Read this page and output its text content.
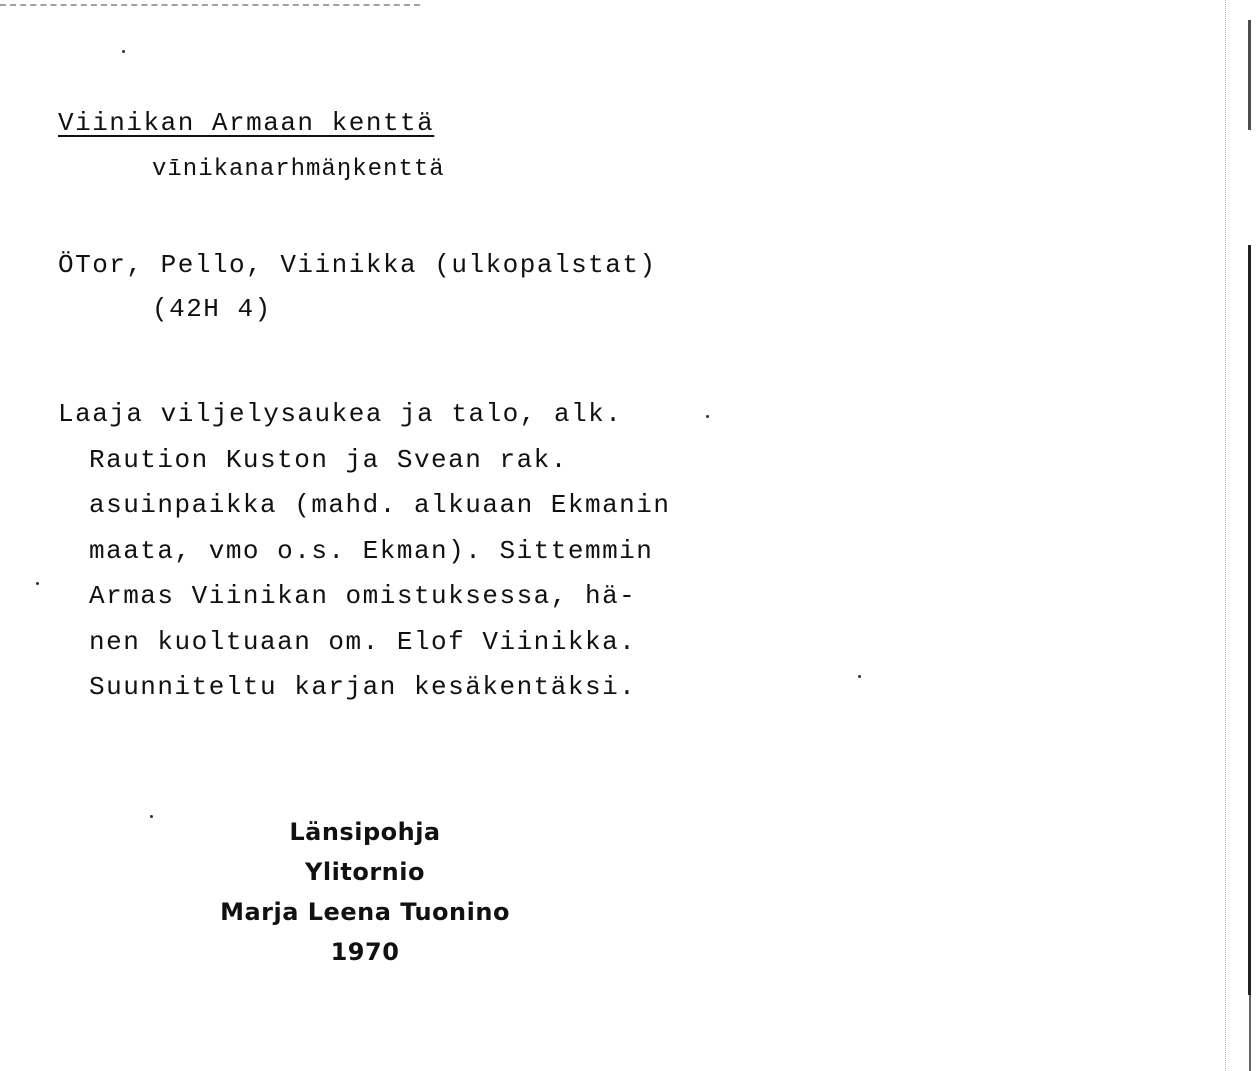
Viinikan Armaan kenttä
vīnikanarhmäŋkenttä
ÖTor, Pello, Viinikka (ulkopalstat)
(42H 4)
Laaja viljelysaukea ja talo, alk.
Raution Kuston ja Svean rak.
asuinpaikka (mahd. alkuaan Ekmanin
maata, vmo o.s. Ekman). Sittemmin
Armas Viinikan omistuksessa, hä-
nen kuoltuaan om. Elof Viinikka.
Suunniteltu karjan kesäkentäksi.
Länsipohja
Ylitornio
Marja Leena Tuonino
1970
